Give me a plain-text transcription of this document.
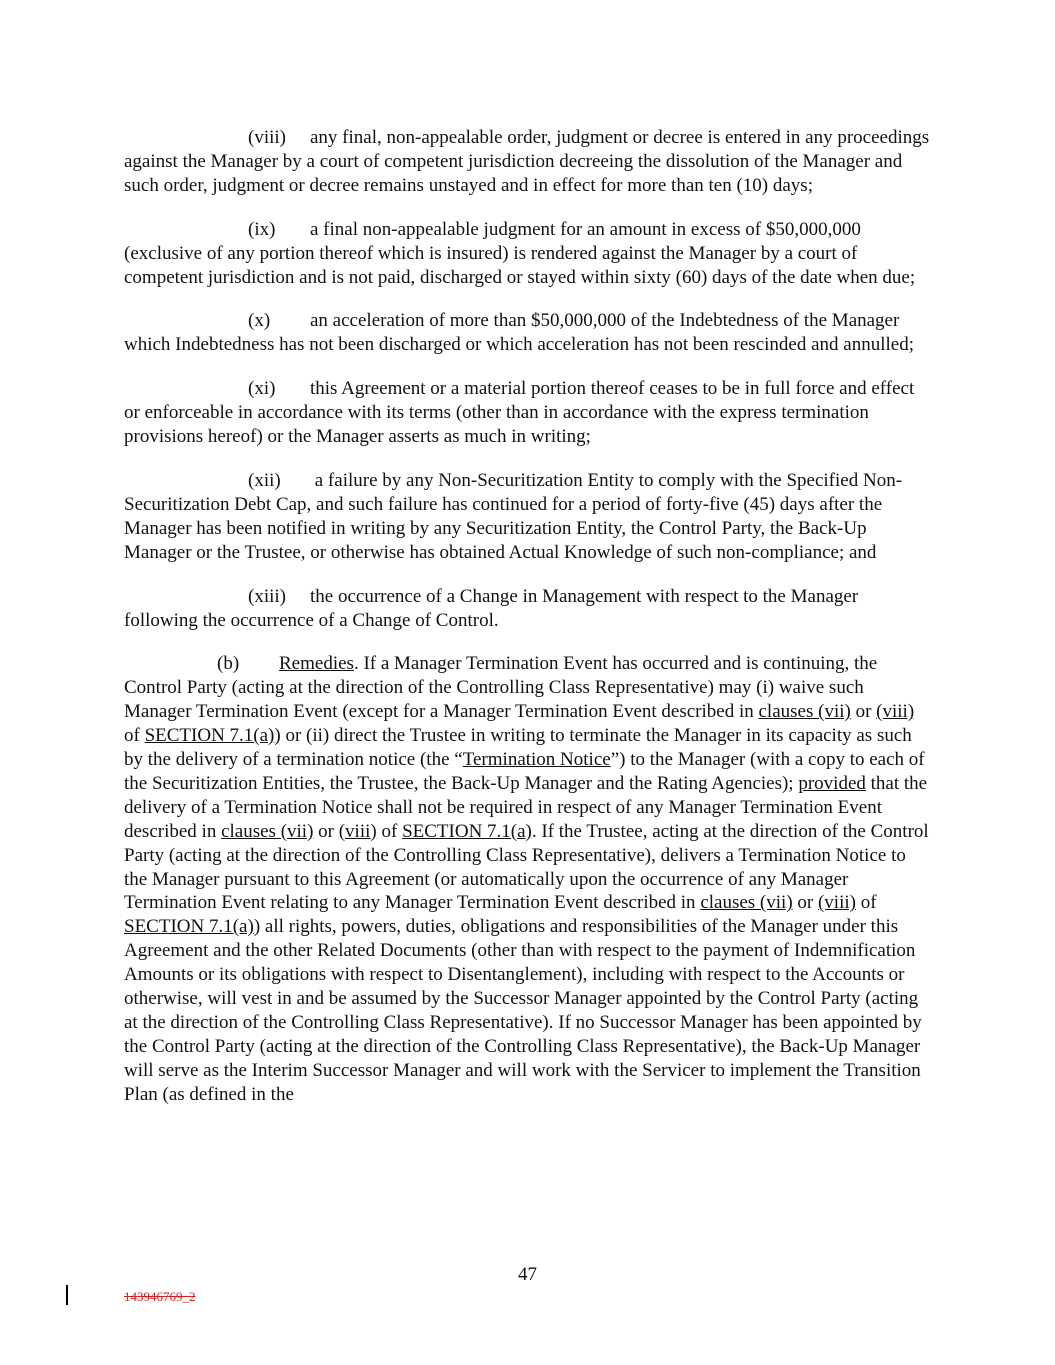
(viii) any final, non-appealable order, judgment or decree is entered in any proceedings against the Manager by a court of competent jurisdiction decreeing the dissolution of the Manager and such order, judgment or decree remains unstayed and in effect for more than ten (10) days;

(ix) a final non-appealable judgment for an amount in excess of $50,000,000 (exclusive of any portion thereof which is insured) is rendered against the Manager by a court of competent jurisdiction and is not paid, discharged or stayed within sixty (60) days of the date when due;

(x) an acceleration of more than $50,000,000 of the Indebtedness of the Manager which Indebtedness has not been discharged or which acceleration has not been rescinded and annulled;

(xi) this Agreement or a material portion thereof ceases to be in full force and effect or enforceable in accordance with its terms (other than in accordance with the express termination provisions hereof) or the Manager asserts as much in writing;

(xii) a failure by any Non-Securitization Entity to comply with the Specified Non-Securitization Debt Cap, and such failure has continued for a period of forty-five (45) days after the Manager has been notified in writing by any Securitization Entity, the Control Party, the Back-Up Manager or the Trustee, or otherwise has obtained Actual Knowledge of such non-compliance; and

(xiii) the occurrence of a Change in Management with respect to the Manager following the occurrence of a Change of Control.

(b) Remedies. If a Manager Termination Event has occurred and is continuing, the Control Party (acting at the direction of the Controlling Class Representative) may (i) waive such Manager Termination Event (except for a Manager Termination Event described in clauses (vii) or (viii) of SECTION 7.1(a)) or (ii) direct the Trustee in writing to terminate the Manager in its capacity as such by the delivery of a termination notice (the “Termination Notice”) to the Manager (with a copy to each of the Securitization Entities, the Trustee, the Back-Up Manager and the Rating Agencies); provided that the delivery of a Termination Notice shall not be required in respect of any Manager Termination Event described in clauses (vii) or (viii) of SECTION 7.1(a). If the Trustee, acting at the direction of the Control Party (acting at the direction of the Controlling Class Representative), delivers a Termination Notice to the Manager pursuant to this Agreement (or automatically upon the occurrence of any Manager Termination Event relating to any Manager Termination Event described in clauses (vii) or (viii) of SECTION 7.1(a)) all rights, powers, duties, obligations and responsibilities of the Manager under this Agreement and the other Related Documents (other than with respect to the payment of Indemnification Amounts or its obligations with respect to Disentanglement), including with respect to the Accounts or otherwise, will vest in and be assumed by the Successor Manager appointed by the Control Party (acting at the direction of the Controlling Class Representative). If no Successor Manager has been appointed by the Control Party (acting at the direction of the Controlling Class Representative), the Back-Up Manager will serve as the Interim Successor Manager and will work with the Servicer to implement the Transition Plan (as defined in the

47
143946769_2
